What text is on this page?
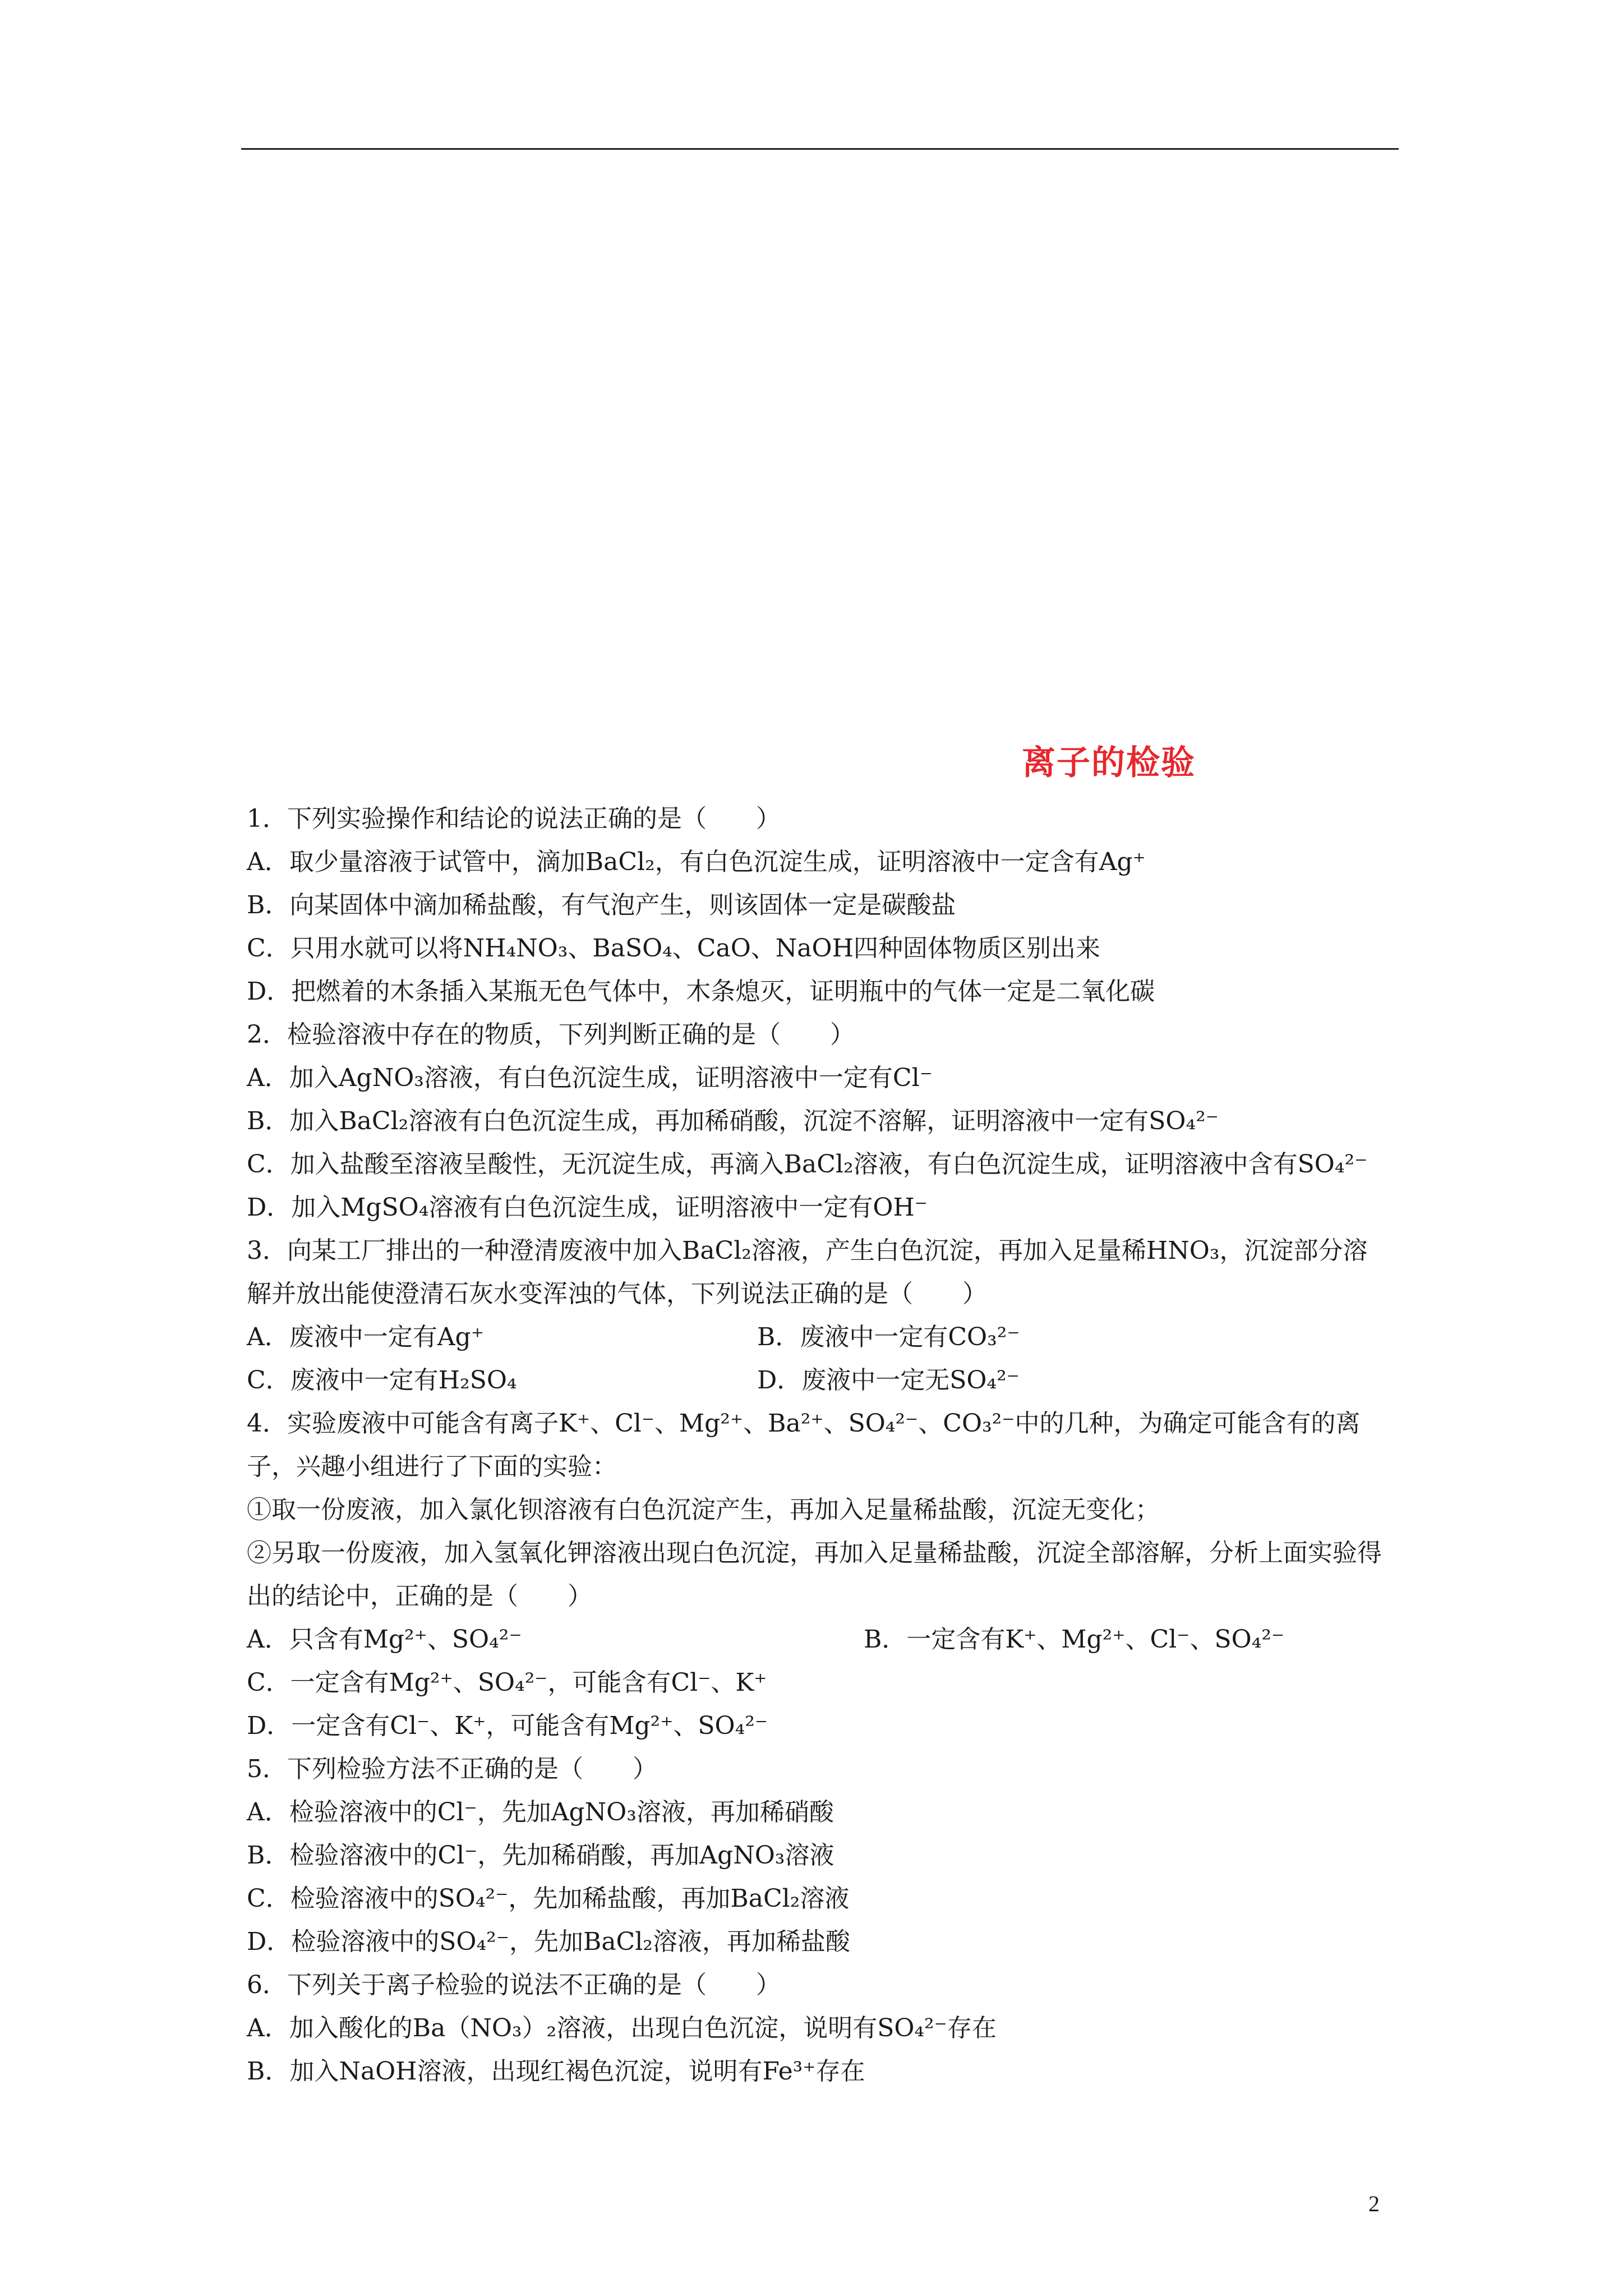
离子的检验
1．下列实验操作和结论的说法正确的是（　　）
A．取少量溶液于试管中，滴加BaCl₂，有白色沉淀生成，证明溶液中一定含有Ag⁺
B．向某固体中滴加稀盐酸，有气泡产生，则该固体一定是碳酸盐
C．只用水就可以将NH₄NO₃、BaSO₄、CaO、NaOH四种固体物质区别出来
D．把燃着的木条插入某瓶无色气体中，木条熄灭，证明瓶中的气体一定是二氧化碳
2．检验溶液中存在的物质，下列判断正确的是（　　）
A．加入AgNO₃溶液，有白色沉淀生成，证明溶液中一定有Cl⁻
B．加入BaCl₂溶液有白色沉淀生成，再加稀硝酸，沉淀不溶解，证明溶液中一定有SO₄²⁻
C．加入盐酸至溶液呈酸性，无沉淀生成，再滴入BaCl₂溶液，有白色沉淀生成，证明溶液中含有SO₄²⁻
D．加入MgSO₄溶液有白色沉淀生成，证明溶液中一定有OH⁻
3．向某工厂排出的一种澄清废液中加入BaCl₂溶液，产生白色沉淀，再加入足量稀HNO₃，沉淀部分溶解并放出能使澄清石灰水变浑浊的气体，下列说法正确的是（　　）
A．废液中一定有Ag⁺	B．废液中一定有CO₃²⁻
C．废液中一定有H₂SO₄	D．废液中一定无SO₄²⁻
4．实验废液中可能含有离子K⁺、Cl⁻、Mg²⁺、Ba²⁺、SO₄²⁻、CO₃²⁻中的几种，为确定可能含有的离子，兴趣小组进行了下面的实验：
①取一份废液，加入氯化钡溶液有白色沉淀产生，再加入足量稀盐酸，沉淀无变化；
②另取一份废液，加入氢氧化钾溶液出现白色沉淀，再加入足量稀盐酸，沉淀全部溶解，分析上面实验得出的结论中，正确的是（　　）
A．只含有Mg²⁺、SO₄²⁻	B．一定含有K⁺、Mg²⁺、Cl⁻、SO₄²⁻
C．一定含有Mg²⁺、SO₄²⁻，可能含有Cl⁻、K⁺
D．一定含有Cl⁻、K⁺，可能含有Mg²⁺、SO₄²⁻
5．下列检验方法不正确的是（　　）
A．检验溶液中的Cl⁻，先加AgNO₃溶液，再加稀硝酸
B．检验溶液中的Cl⁻，先加稀硝酸，再加AgNO₃溶液
C．检验溶液中的SO₄²⁻，先加稀盐酸，再加BaCl₂溶液
D．检验溶液中的SO₄²⁻，先加BaCl₂溶液，再加稀盐酸
6．下列关于离子检验的说法不正确的是（　　）
A．加入酸化的Ba（NO₃）₂溶液，出现白色沉淀，说明有SO₄²⁻存在
B．加入NaOH溶液，出现红褐色沉淀，说明有Fe³⁺存在
2
